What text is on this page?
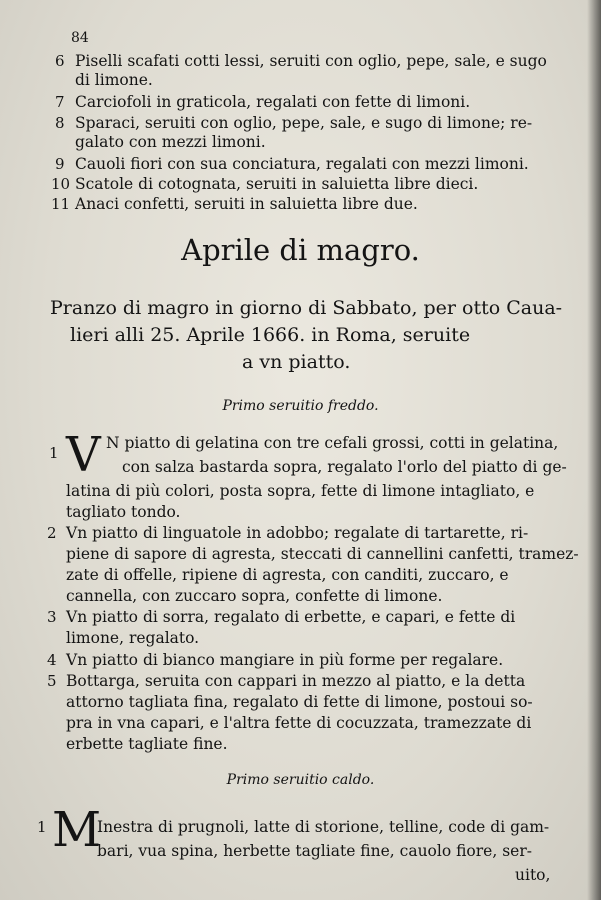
84
6 Piselli scafati cotti lessi, seruiti con oglio, pepe, sale, e sugo
di limone.
7 Carciofoli in graticola, regalati con fette di limoni.
8 Sparaci, seruiti con oglio, pepe, sale, e sugo di limone; re-
galato con mezzi limoni.
9 Cauoli fiori con sua conciatura, regalati con mezzi limoni.
10 Scatole di cotognata, seruiti in saluietta libre dieci.
11 Anaci confetti, seruiti in saluietta libre due.
Aprile di magro.
Pranzo di magro in giorno di Sabbato, per otto Caua-
lieri alli 25. Aprile 1666. in Roma, seruite
a vn piatto.
Primo seruitio freddo.
1 V N piatto di gelatina con tre cefali grossi, cotti in gelatina,
con salza bastarda sopra, regalato l'orlo del piatto di ge-
latina di più colori, posta sopra, fette di limone intagliato, e
tagliato tondo.
2 Vn piatto di linguatole in adobbo; regalate di tartarette, ri-
piene di sapore di agresta, steccati di cannellini canfetti, tramez-
zate di offelle, ripiene di agresta, con canditi, zuccaro, e
cannella, con zuccaro sopra, confette di limone.
3 Vn piatto di sorra, regalato di erbette, e capari, e fette di
limone, regalato.
4 Vn piatto di bianco mangiare in più forme per regalare.
5 Bottarga, seruita con cappari in mezzo al piatto, e la detta
attorno tagliata fina, regalato di fette di limone, postoui so-
pra in vna capari, e l'altra fette di cocuzzata, tramezzate di
erbette tagliate fine.
Primo seruitio caldo.
1 M
Inestra di prugnoli, latte di storione, telline, code di gam-
bari, vua spina, herbette tagliate fine, cauolo fiore, ser-
uito,
